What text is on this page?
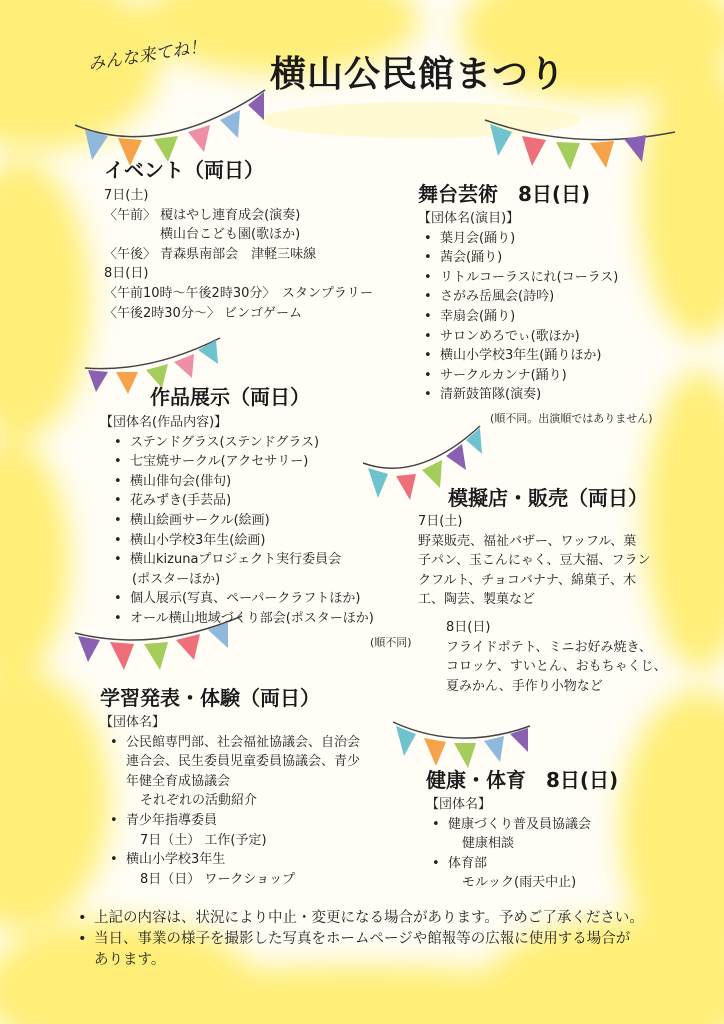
みんな来てね！ 横山公民館まつり
イベント（両日）
7日(土)
〈午前〉 榎はやし連育成会(演奏)
横山台こども園(歌ほか)
〈午後〉 青森県南部会　津軽三味線
8日(日)
〈午前10時～午後2時30分〉　スタンプラリー
〈午後2時30分～〉 ビンゴゲーム
舞台芸術　8日(日)
【団体名(演目)】
• 葉月会(踊り)
• 茜会(踊り)
• リトルコーラスにれ(コーラス)
• さがみ岳風会(詩吟)
• 幸扇会(踊り)
• サロンめろでぃ(歌ほか)
• 横山小学校3年生(踊りほか)
• サークルカンナ(踊り)
• 清新鼓笛隊(演奏)
(順不同。出演順ではありません)
作品展示（両日）
【団体名(作品内容)】
• ステンドグラス(ステンドグラス)
• 七宝焼サークル(アクセサリー)
• 横山俳句会(俳句)
• 花みずき(手芸品)
• 横山絵画サークル(絵画)
• 横山小学校3年生(絵画)
• 横山kizunaプロジェクト実行委員会
(ポスターほか)
• 個人展示(写真、ペーパークラフトほか)
• オール横山地域づくり部会(ポスターほか)
(順不同)
模擬店・販売（両日）
7日(土)
野菜販売、福祉バザー、ワッフル、菓
子パン、玉こんにゃく、豆大福、フラン
クフルト、チョコバナナ、綿菓子、木
工、陶芸、製菓など
8日(日)
フライドポテト、ミニお好み焼き、
コロッケ、すいとん、おもちゃくじ、
夏みかん、手作り小物など
学習発表・体験（両日）
【団体名】
• 公民館専門部、社会福祉協議会、自治会
連合会、民生委員児童委員協議会、青少
年健全育成協議会
それぞれの活動紹介
• 青少年指導委員
7日（土） 工作(予定)
• 横山小学校3年生
8日（日） ワークショップ
健康・体育　8日(日)
【団体名】
• 健康づくり普及員協議会
健康相談
• 体育部
モルック(雨天中止)
• 上記の内容は、状況により中止・変更になる場合があります。予めご了承ください。
• 当日、事業の様子を撮影した写真をホームページや館報等の広報に使用する場合が
あります。
